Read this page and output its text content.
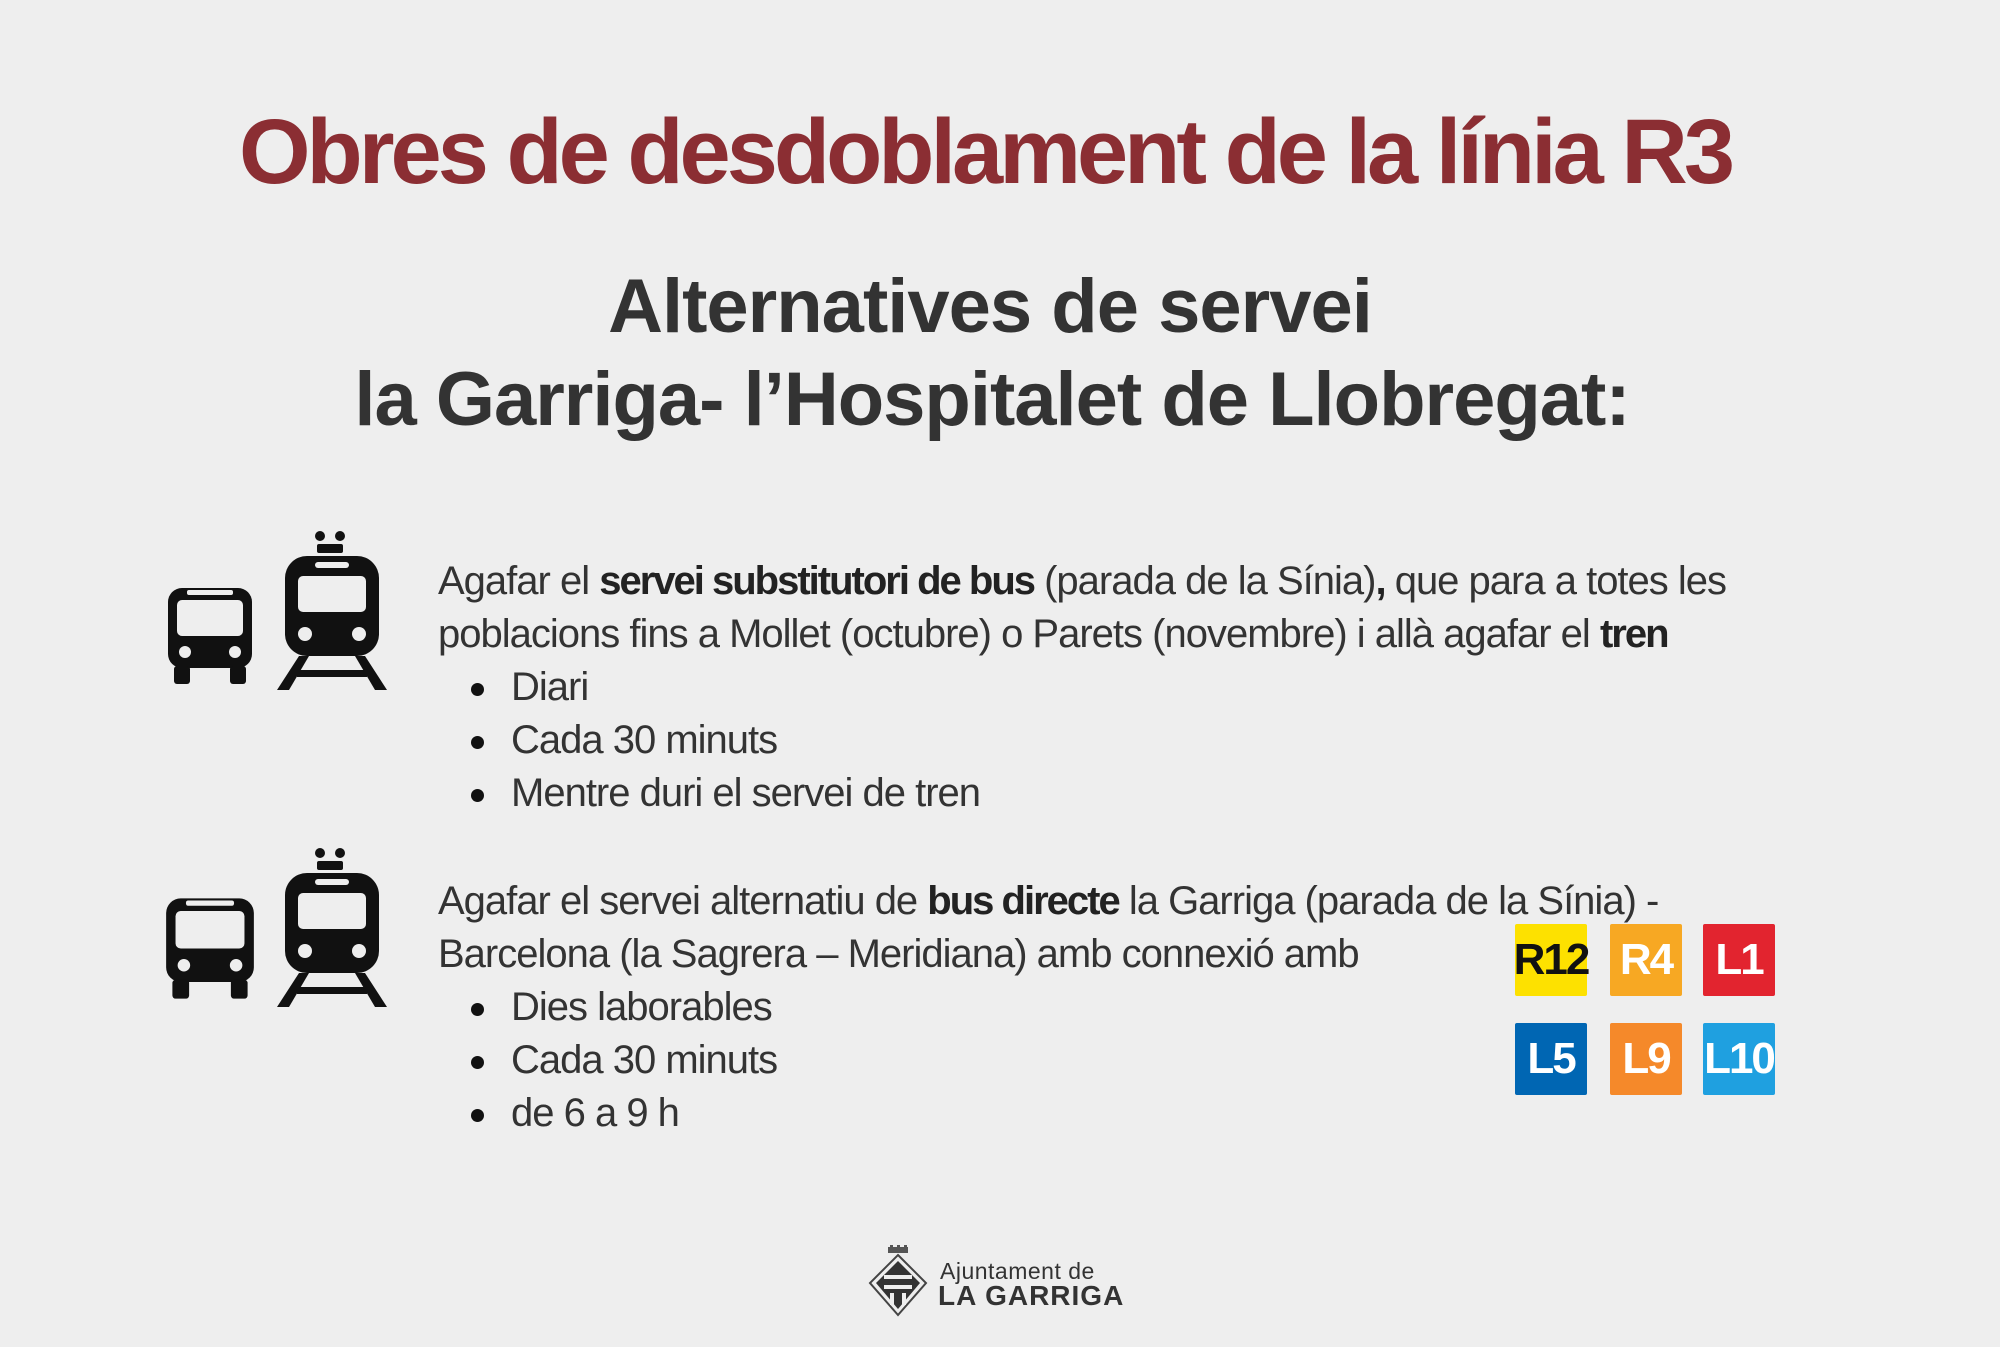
Obres de desdoblament de la línia R3
Alternatives de servei
la Garriga- l’Hospitalet de Llobregat:
Agafar el servei substitutori de bus (parada de la Sínia), que para a totes les
poblacions fins a Mollet (octubre) o Parets (novembre) i allà agafar el tren
Diari
Cada 30 minuts
Mentre duri el servei de tren
Agafar el servei alternatiu de bus directe la Garriga (parada de la Sínia) -
Barcelona (la Sagrera – Meridiana) amb connexió amb
Dies laborables
Cada 30 minuts
de 6 a 9 h
R12 R4 L1
L5 L9 L10
Ajuntament de
LA GARRIGA
